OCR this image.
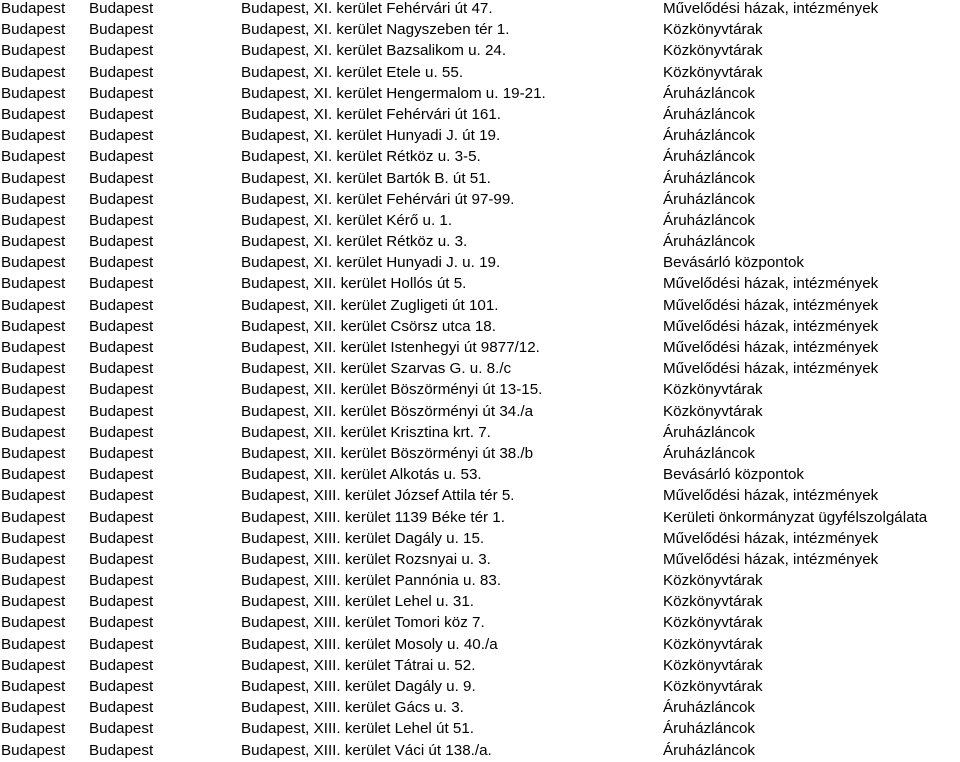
Budapest Budapest	Budapest, XI. kerület Fehérvári út 47.	Művelődési házak, intézmények
Budapest Budapest	Budapest, XI. kerület Nagyszeben tér 1.	Közkönyvtárak
Budapest Budapest	Budapest, XI. kerület Bazsalikom u. 24.	Közkönyvtárak
Budapest Budapest	Budapest, XI. kerület Etele u. 55.	Közkönyvtárak
Budapest Budapest	Budapest, XI. kerület Hengermalom u. 19-21.	Áruházláncok
Budapest Budapest	Budapest, XI. kerület Fehérvári út 161.	Áruházláncok
Budapest Budapest	Budapest, XI. kerület Hunyadi J. út 19.	Áruházláncok
Budapest Budapest	Budapest, XI. kerület Rétköz u. 3-5.	Áruházláncok
Budapest Budapest	Budapest, XI. kerület Bartók B. út 51.	Áruházláncok
Budapest Budapest	Budapest, XI. kerület Fehérvári út 97-99.	Áruházláncok
Budapest Budapest	Budapest, XI. kerület Kérő u. 1.	Áruházláncok
Budapest Budapest	Budapest, XI. kerület Rétköz u. 3.	Áruházláncok
Budapest Budapest	Budapest, XI. kerület Hunyadi J. u. 19.	Bevásárló központok
Budapest Budapest	Budapest, XII. kerület Hollós út 5.	Művelődési házak, intézmények
Budapest Budapest	Budapest, XII. kerület Zugligeti út 101.	Művelődési házak, intézmények
Budapest Budapest	Budapest, XII. kerület Csörsz utca 18.	Művelődési házak, intézmények
Budapest Budapest	Budapest, XII. kerület Istenhegyi út 9877/12.	Művelődési házak, intézmények
Budapest Budapest	Budapest, XII. kerület Szarvas G. u. 8./c	Művelődési házak, intézmények
Budapest Budapest	Budapest, XII. kerület Böszörményi út 13-15.	Közkönyvtárak
Budapest Budapest	Budapest, XII. kerület Böszörményi út 34./a	Közkönyvtárak
Budapest Budapest	Budapest, XII. kerület Krisztina krt. 7.	Áruházláncok
Budapest Budapest	Budapest, XII. kerület Böszörményi út 38./b	Áruházláncok
Budapest Budapest	Budapest, XII. kerület Alkotás u. 53.	Bevásárló központok
Budapest Budapest	Budapest, XIII. kerület József Attila tér 5.	Művelődési házak, intézmények
Budapest Budapest	Budapest, XIII. kerület 1139 Béke tér 1.	Kerületi önkormányzat ügyfélszolgálata
Budapest Budapest	Budapest, XIII. kerület Dagály u. 15.	Művelődési házak, intézmények
Budapest Budapest	Budapest, XIII. kerület Rozsnyai u. 3.	Művelődési házak, intézmények
Budapest Budapest	Budapest, XIII. kerület Pannónia u. 83.	Közkönyvtárak
Budapest Budapest	Budapest, XIII. kerület Lehel u. 31.	Közkönyvtárak
Budapest Budapest	Budapest, XIII. kerület Tomori köz 7.	Közkönyvtárak
Budapest Budapest	Budapest, XIII. kerület Mosoly u. 40./a	Közkönyvtárak
Budapest Budapest	Budapest, XIII. kerület Tátrai u. 52.	Közkönyvtárak
Budapest Budapest	Budapest, XIII. kerület Dagály u. 9.	Közkönyvtárak
Budapest Budapest	Budapest, XIII. kerület Gács u. 3.	Áruházláncok
Budapest Budapest	Budapest, XIII. kerület Lehel út 51.	Áruházláncok
Budapest Budapest	Budapest, XIII. kerület Váci út 138./a.	Áruházláncok
